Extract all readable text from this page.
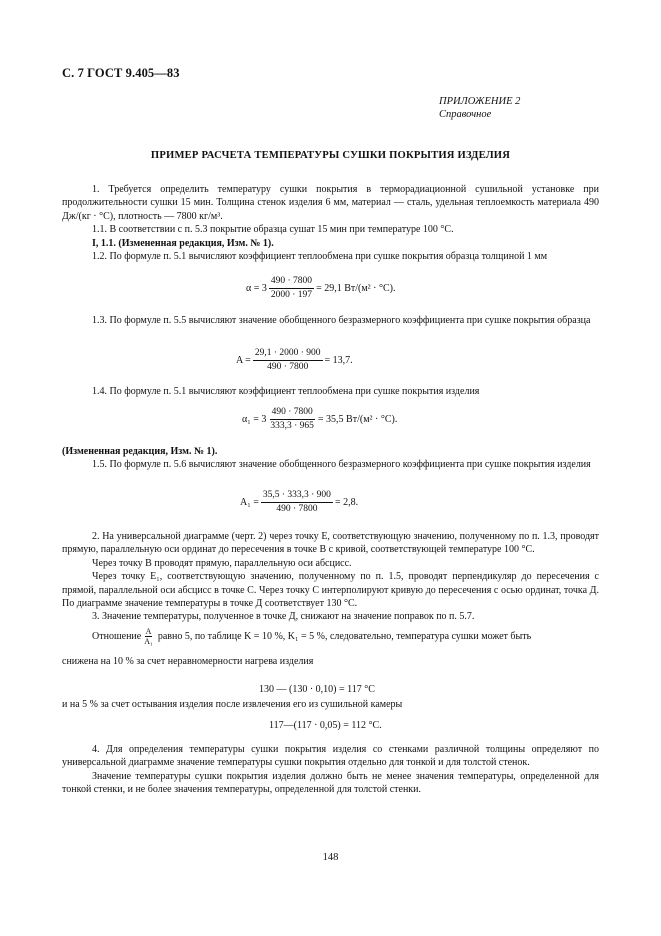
С. 7 ГОСТ 9.405—83
ПРИЛОЖЕНИЕ 2
Справочное
ПРИМЕР РАСЧЕТА ТЕМПЕРАТУРЫ СУШКИ ПОКРЫТИЯ ИЗДЕЛИЯ

1. Требуется определить температуру сушки покрытия в терморадиационной сушильной установке при продолжительности сушки 15 мин. Толщина стенок изделия 6 мм, материал — сталь, удельная теплоемкость материала 490 Дж/(кг · °С), плотность — 7800 кг/м³.

1.1. В соответствии с п. 5.3 покрытие образца сушат 15 мин при температуре 100 °С.

I, 1.1. (Измененная редакция, Изм. № 1).

1.2. По формуле п. 5.1 вычисляют коэффициент теплообмена при сушке покрытия образца толщиной 1 мм

$\alpha = 3 \frac{490 \cdot 7800}{2000 \cdot 197} = 29,1$ Вт/(м² · °С).

1.3. По формуле п. 5.5 вычисляют значение обобщенного безразмерного коэффициента при сушке покрытия образца

$A = \frac{29,1 \cdot 2000 \cdot 900}{490 \cdot 7800} = 13,7$.

1.4. По формуле п. 5.1 вычисляют коэффициент теплообмена при сушке покрытия изделия

$\alpha_1 = 3 \frac{490 \cdot 7800}{333,3 \cdot 965} = 35,5$ Вт/(м² · °С).

(Измененная редакция, Изм. № 1).

1.5. По формуле п. 5.6 вычисляют значение обобщенного безразмерного коэффициента при сушке покрытия изделия

$A_1 = \frac{35,5 \cdot 333,3 \cdot 900}{490 \cdot 7800} = 2,8$.

2. На универсальной диаграмме (черт. 2) через точку E, соответствующую значению, полученному по п. 1.3, проводят прямую, параллельную оси ординат до пересечения в точке B с кривой, соответствующей температуре 100 °С.

Через точку B проводят прямую, параллельную оси абсцисс.

Через точку E₁, соответствующую значению, полученному по п. 1.5, проводят перпендикуляр до пересечения с прямой, параллельной оси абсцисс в точке C. Через точку C интерполируют кривую до пересечения с осью ординат, точка Д. По диаграмме значение температуры в точке Д соответствует 130 °С.

3. Значение температуры, полученное в точке Д, снижают на значение поправок по п. 5.7.

Отношение $\frac{A}{\text{A₁}}$ равно 5, по таблице K = 10 %, K₁ = 5 %, следовательно, температура сушки может быть

снижена на 10 % за счет неравномерности нагрева изделия

130 — (130 · 0,10) = 117 °С

и на 5 % за счет остывания изделия после извлечения его из сушильной камеры

117—(117 · 0,05) = 112 °С.

4. Для определения температуры сушки покрытия изделия со стенками различной толщины определяют по универсальной диаграмме значение температуры сушки покрытия отдельно для тонкой и для толстой стенок.

Значение температуры сушки покрытия изделия должно быть не менее значения температуры, определенной для тонкой стенки, и не более значения температуры, определенной для толстой стенки.

148
